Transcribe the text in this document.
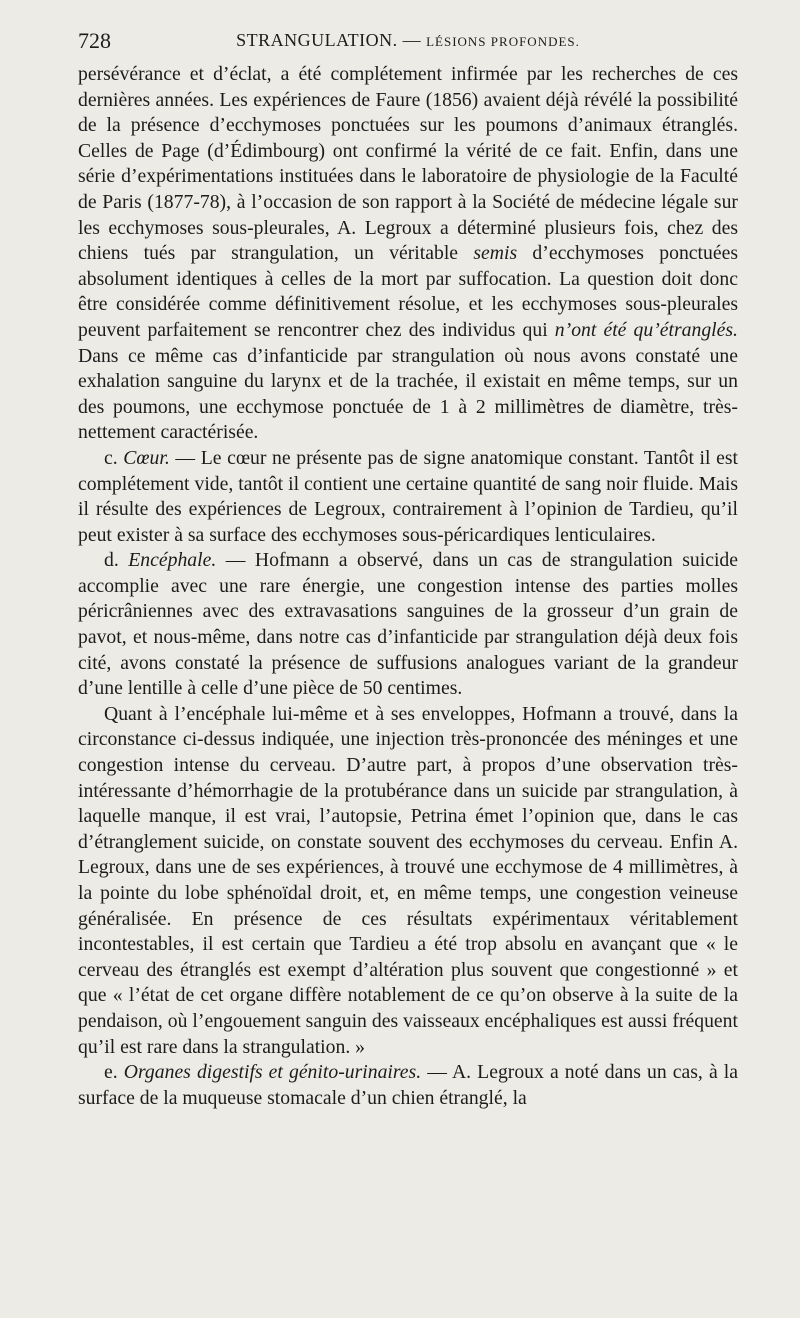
728	STRANGULATION. — LÉSIONS PROFONDES.

persévérance et d’éclat, a été complétement infirmée par les recherches de ces dernières années. Les expériences de Faure (1856) avaient déjà révélé la possibilité de la présence d’ecchymoses ponctuées sur les poumons d’animaux étranglés. Celles de Page (d’Édimbourg) ont confirmé la vérité de ce fait. Enfin, dans une série d’expérimentations instituées dans le laboratoire de physiologie de la Faculté de Paris (1877-78), à l’occasion de son rapport à la Société de médecine légale sur les ecchymoses sous-pleurales, A. Legroux a déterminé plusieurs fois, chez des chiens tués par strangulation, un véritable semis d’ecchymoses ponctuées absolument identiques à celles de la mort par suffocation. La question doit donc être considérée comme définitivement résolue, et les ecchymoses sous-pleurales peuvent parfaitement se rencontrer chez des individus qui n’ont été qu’étranglés. Dans ce même cas d’infanticide par strangulation où nous avons constaté une exhalation sanguine du larynx et de la trachée, il existait en même temps, sur un des poumons, une ecchymose ponctuée de 1 à 2 millimètres de diamètre, très-nettement caractérisée.

c. Cœur. — Le cœur ne présente pas de signe anatomique constant. Tantôt il est complétement vide, tantôt il contient une certaine quantité de sang noir fluide. Mais il résulte des expériences de Legroux, contrairement à l’opinion de Tardieu, qu’il peut exister à sa surface des ecchymoses sous-péricardiques lenticulaires.

d. Encéphale. — Hofmann a observé, dans un cas de strangulation suicide accomplie avec une rare énergie, une congestion intense des parties molles péricrâniennes avec des extravasations sanguines de la grosseur d’un grain de pavot, et nous-même, dans notre cas d’infanticide par strangulation déjà deux fois cité, avons constaté la présence de suffusions analogues variant de la grandeur d’une lentille à celle d’une pièce de 50 centimes.

Quant à l’encéphale lui-même et à ses enveloppes, Hofmann a trouvé, dans la circonstance ci-dessus indiquée, une injection très-prononcée des méninges et une congestion intense du cerveau. D’autre part, à propos d’une observation très-intéressante d’hémorrhagie de la protubérance dans un suicide par strangulation, à laquelle manque, il est vrai, l’autopsie, Petrina émet l’opinion que, dans le cas d’étranglement suicide, on constate souvent des ecchymoses du cerveau. Enfin A. Legroux, dans une de ses expériences, à trouvé une ecchymose de 4 millimètres, à la pointe du lobe sphénoïdal droit, et, en même temps, une congestion veineuse généralisée. En présence de ces résultats expérimentaux véritablement incontestables, il est certain que Tardieu a été trop absolu en avançant que « le cerveau des étranglés est exempt d’altération plus souvent que congestionné » et que « l’état de cet organe diffère notablement de ce qu’on observe à la suite de la pendaison, où l’engouement sanguin des vaisseaux encéphaliques est aussi fréquent qu’il est rare dans la strangulation. »

e. Organes digestifs et génito-urinaires. — A. Legroux a noté dans un cas, à la surface de la muqueuse stomacale d’un chien étranglé, la
